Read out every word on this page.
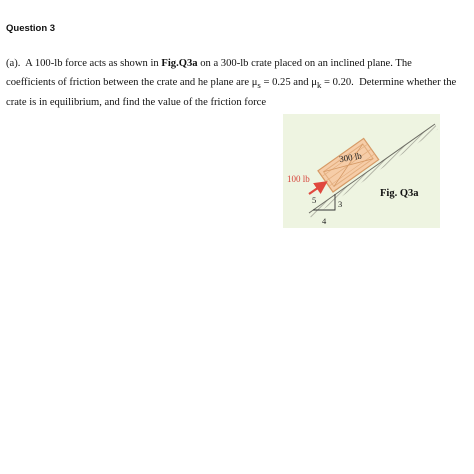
Question 3

(a). A 100-lb force acts as shown in Fig.Q3a on a 300-lb crate placed on an inclined plane. The coefficients of friction between the crate and he plane are $\mu_s = 0.25$ and $\mu_k = 0.20$. Determine whether the crate is in equilibrium, and find the value of the friction force

300 lb
100 lb
5	3
4
Fig. Q3a
